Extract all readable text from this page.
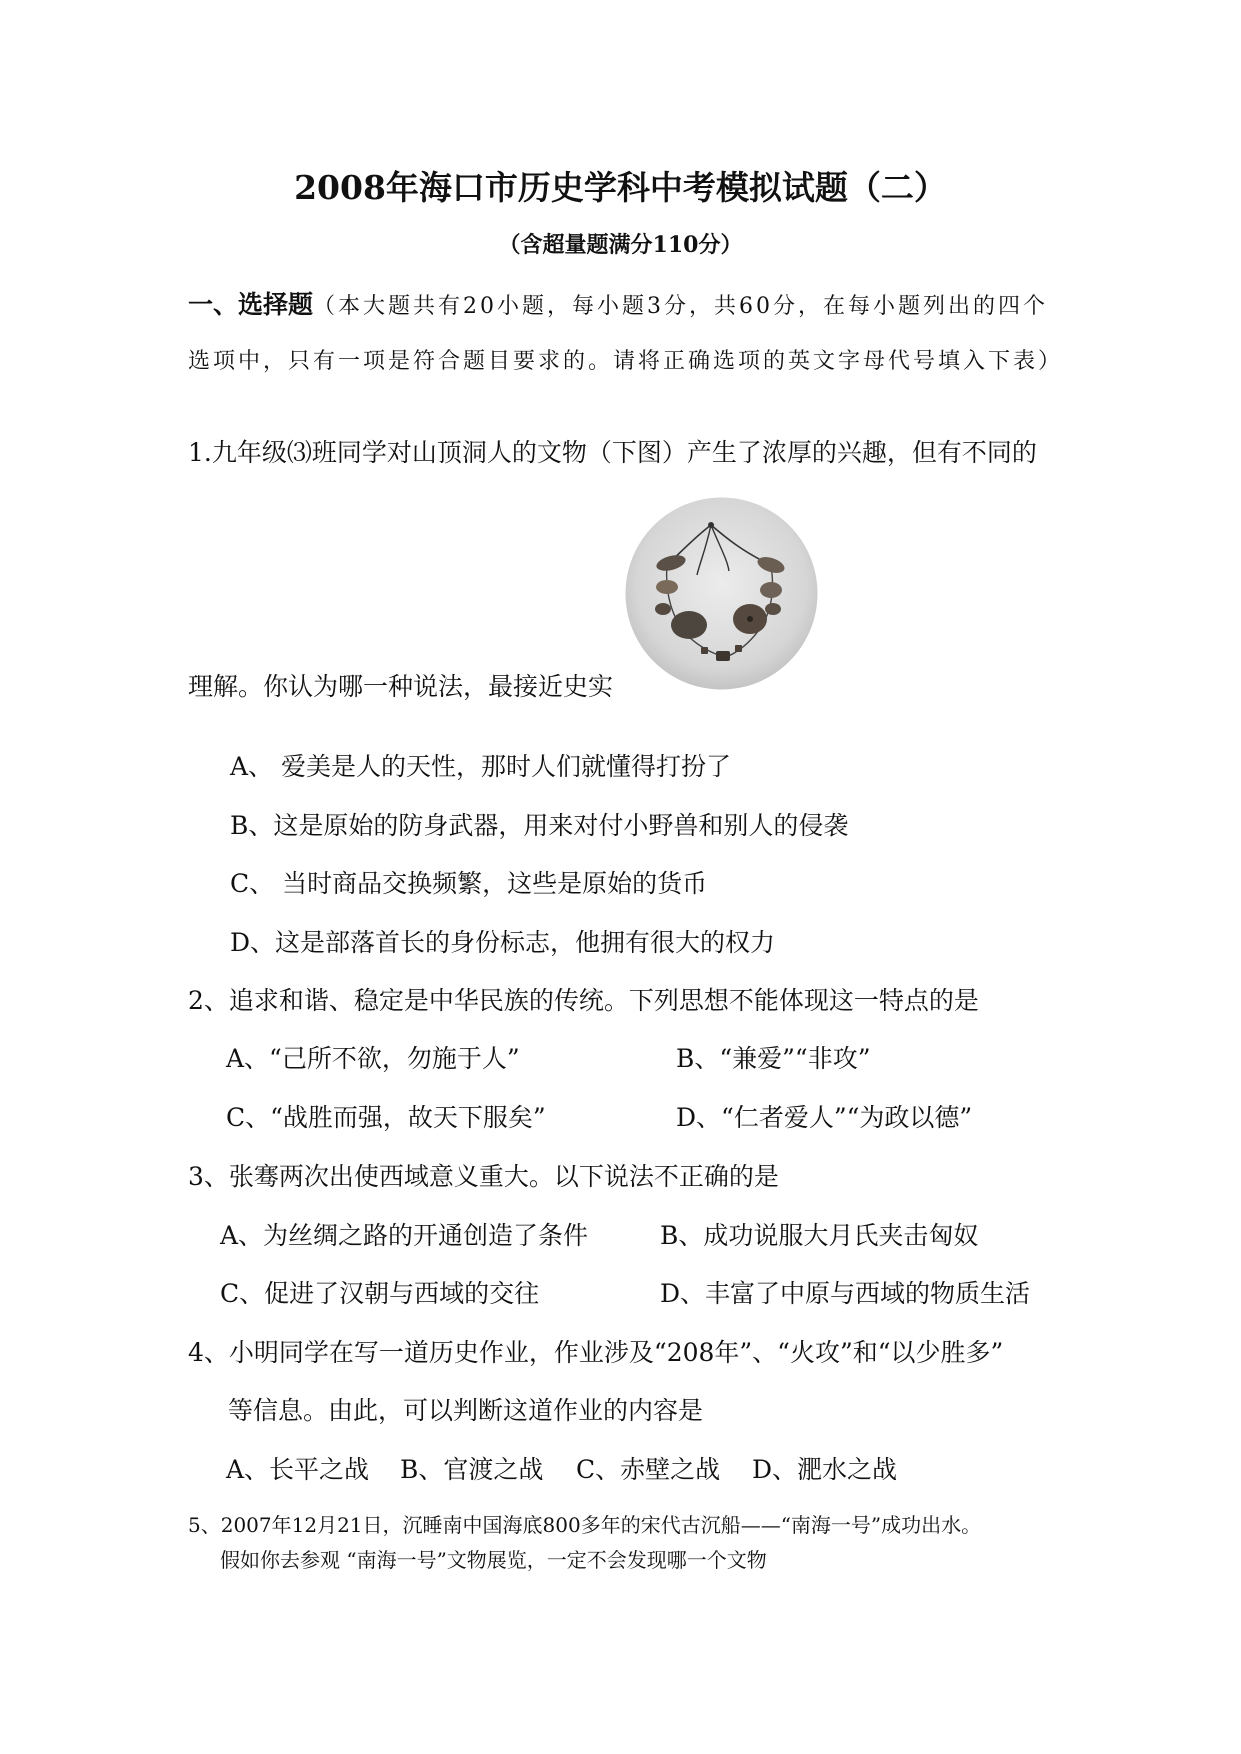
2008年海口市历史学科中考模拟试题（二）
（含超量题满分110分）
一、选择题（本大题共有20小题，每小题3分，共60分，在每小题列出的四个
选项中，只有一项是符合题目要求的。请将正确选项的英文字母代号填入下表）
1.九年级⑶班同学对山顶洞人的文物（下图）产生了浓厚的兴趣，但有不同的
理解。你认为哪一种说法，最接近史实
A、 爱美是人的天性，那时人们就懂得打扮了
B、这是原始的防身武器，用来对付小野兽和别人的侵袭
C、 当时商品交换频繁，这些是原始的货币
D、这是部落首长的身份标志，他拥有很大的权力
2、追求和谐、稳定是中华民族的传统。下列思想不能体现这一特点的是
A、“己所不欲，勿施于人”	B、“兼爱”“非攻”
C、“战胜而强，故天下服矣”	D、“仁者爱人”“为政以德”
3、张骞两次出使西域意义重大。以下说法不正确的是
A、为丝绸之路的开通创造了条件	B、成功说服大月氏夹击匈奴
C、促进了汉朝与西域的交往	D、丰富了中原与西域的物质生活
4、小明同学在写一道历史作业，作业涉及“208年”、“火攻”和“以少胜多”
等信息。由此，可以判断这道作业的内容是
A、长平之战 B、官渡之战 C、赤壁之战 D、淝水之战
5、2007年12月21日，沉睡南中国海底800多年的宋代古沉船——“南海一号”成功出水。
假如你去参观 “南海一号”文物展览，一定不会发现哪一个文物
